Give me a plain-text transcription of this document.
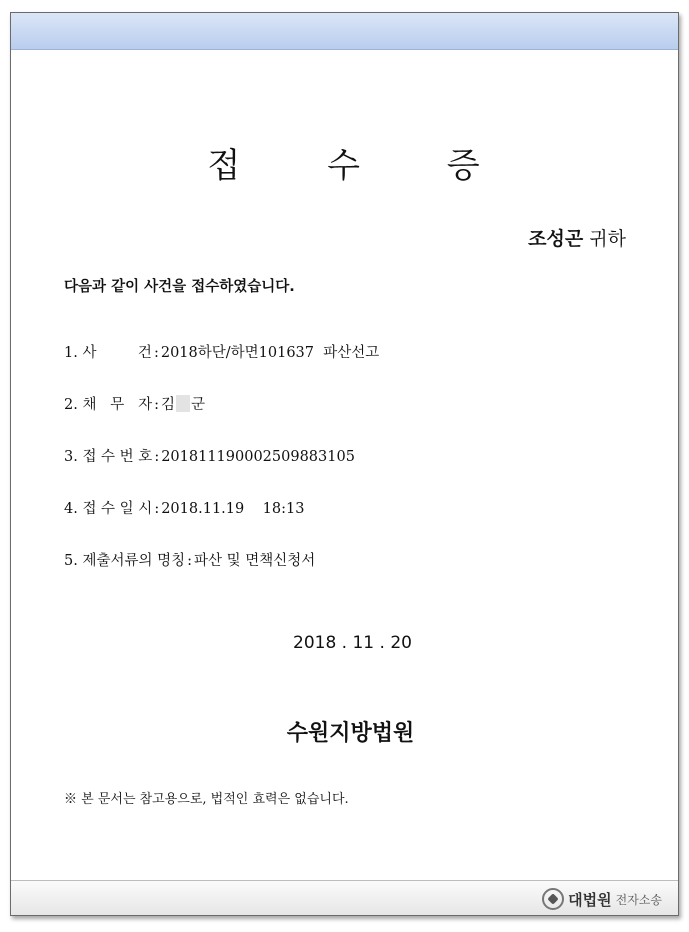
접 수 증
조성곤 귀하
다음과 같이 사건을 접수하였습니다.
1. 사         건 : 2018하단/하면101637  파산선고
2. 채   무   자 : 김 군
3. 접 수 번 호 : 20181119000250988310​5
4. 접 수 일 시 : 2018.11.19    18:13
5. 제출서류의 명칭 : 파산 및 면책신청서
2018 . 11 . 20
수원지방법원
※ 본 문서는 참고용으로, 법적인 효력은 없습니다.
대법원 전자소송
